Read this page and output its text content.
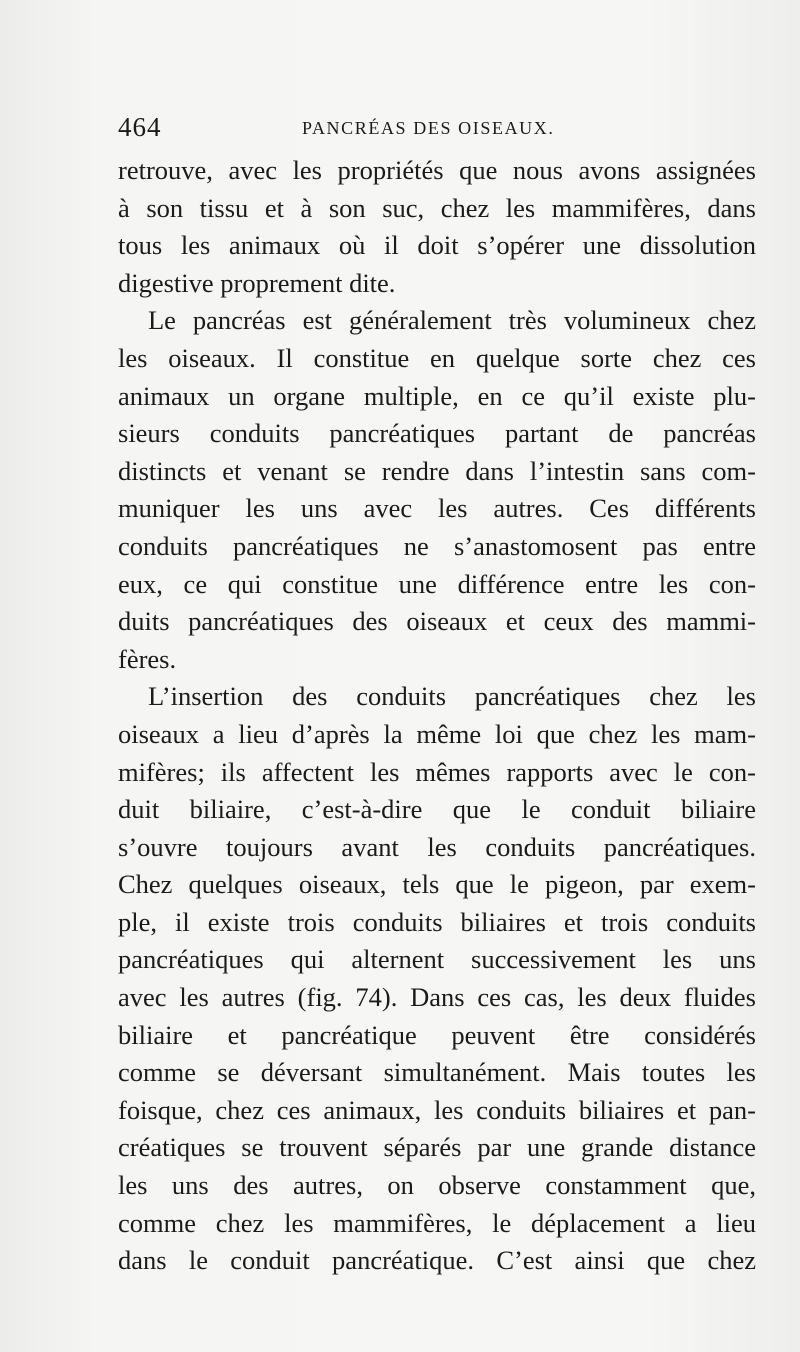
464	PANCRÉAS DES OISEAUX.
retrouve, avec les propriétés que nous avons assignées
à son tissu et à son suc, chez les mammifères, dans
tous les animaux où il doit s’opérer une dissolution
digestive proprement dite.
Le pancréas est généralement très volumineux chez
les oiseaux. Il constitue en quelque sorte chez ces
animaux un organe multiple, en ce qu’il existe plu-
sieurs conduits pancréatiques partant de pancréas
distincts et venant se rendre dans l’intestin sans com-
muniquer les uns avec les autres. Ces différents
conduits pancréatiques ne s’anastomosent pas entre
eux, ce qui constitue une différence entre les con-
duits pancréatiques des oiseaux et ceux des mammi-
fères.
L’insertion des conduits pancréatiques chez les
oiseaux a lieu d’après la même loi que chez les mam-
mifères; ils affectent les mêmes rapports avec le con-
duit biliaire, c’est-à-dire que le conduit biliaire
s’ouvre toujours avant les conduits pancréatiques.
Chez quelques oiseaux, tels que le pigeon, par exem-
ple, il existe trois conduits biliaires et trois conduits
pancréatiques qui alternent successivement les uns
avec les autres (fig. 74). Dans ces cas, les deux fluides
biliaire et pancréatique peuvent être considérés
comme se déversant simultanément. Mais toutes les
foisque, chez ces animaux, les conduits biliaires et pan-
créatiques se trouvent séparés par une grande distance
les uns des autres, on observe constamment que,
comme chez les mammifères, le déplacement a lieu
dans le conduit pancréatique. C’est ainsi que chez
